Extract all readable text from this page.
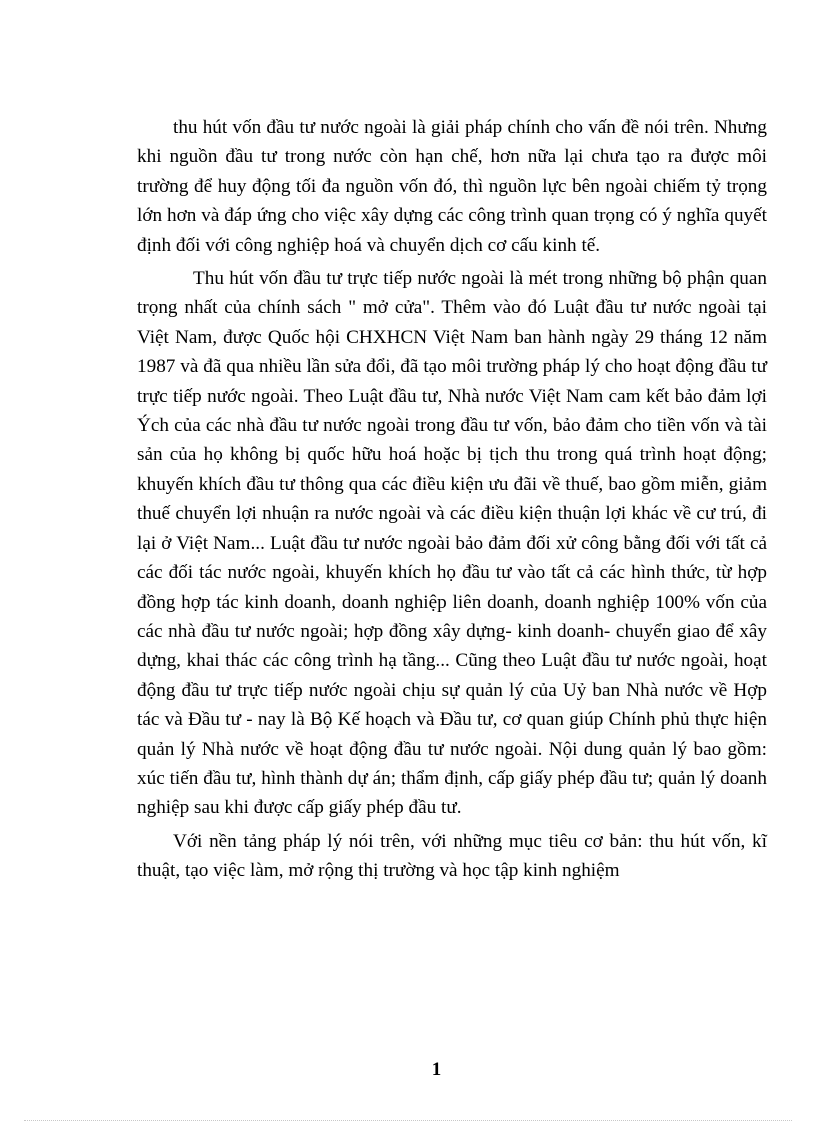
thu hút vốn đầu tư nước ngoài là giải pháp chính cho vấn đề nói trên. Nhưng khi nguồn đầu tư trong nước còn hạn chế, hơn nữa lại chưa tạo ra được môi trường để huy động tối đa nguồn vốn đó, thì nguồn lực bên ngoài chiếm tỷ trọng lớn hơn và đáp ứng cho việc xây dựng các công trình quan trọng có ý nghĩa quyết định đối với công nghiệp hoá và chuyển dịch cơ cấu kinh tế.

Thu hút vốn đầu tư trực tiếp nước ngoài là mét trong những bộ phận quan trọng nhất của chính sách " mở cửa". Thêm vào đó Luật đầu tư nước ngoài tại Việt Nam, được Quốc hội CHXHCN Việt Nam ban hành ngày 29 tháng 12 năm 1987 và đã qua nhiều lần sửa đổi, đã tạo môi trường pháp lý cho hoạt động đầu tư trực tiếp nước ngoài. Theo Luật đầu tư, Nhà nước Việt Nam cam kết bảo đảm lợi Ých của các nhà đầu tư nước ngoài trong đầu tư vốn, bảo đảm cho tiền vốn và tài sản của họ không bị quốc hữu hoá hoặc bị tịch thu trong quá trình hoạt động; khuyến khích đầu tư thông qua các điều kiện ưu đãi về thuế, bao gồm miễn, giảm thuế chuyển lợi nhuận ra nước ngoài và các điều kiện thuận lợi khác về cư trú, đi lại ở Việt Nam... Luật đầu tư nước ngoài bảo đảm đối xử công bằng đối với tất cả các đối tác nước ngoài, khuyến khích họ đầu tư vào tất cả các hình thức, từ hợp đồng hợp tác kinh doanh, doanh nghiệp liên doanh, doanh nghiệp 100% vốn của các nhà đầu tư nước ngoài; hợp đồng xây dựng- kinh doanh- chuyển giao để xây dựng, khai thác các công trình hạ tầng... Cũng theo Luật đầu tư nước ngoài, hoạt động đầu tư trực tiếp nước ngoài chịu sự quản lý của Uỷ ban Nhà nước về Hợp tác và Đầu tư - nay là Bộ Kế hoạch và Đầu tư, cơ quan giúp Chính phủ thực hiện quản lý Nhà nước về hoạt động đầu tư nước ngoài. Nội dung quản lý bao gồm: xúc tiến đầu tư, hình thành dự án; thẩm định, cấp giấy phép đầu tư; quản lý doanh nghiệp sau khi được cấp giấy phép đầu tư.

Với nền tảng pháp lý nói trên, với những mục tiêu cơ bản: thu hút vốn, kĩ thuật, tạo việc làm, mở rộng thị trường và học tập kinh nghiệm

1
